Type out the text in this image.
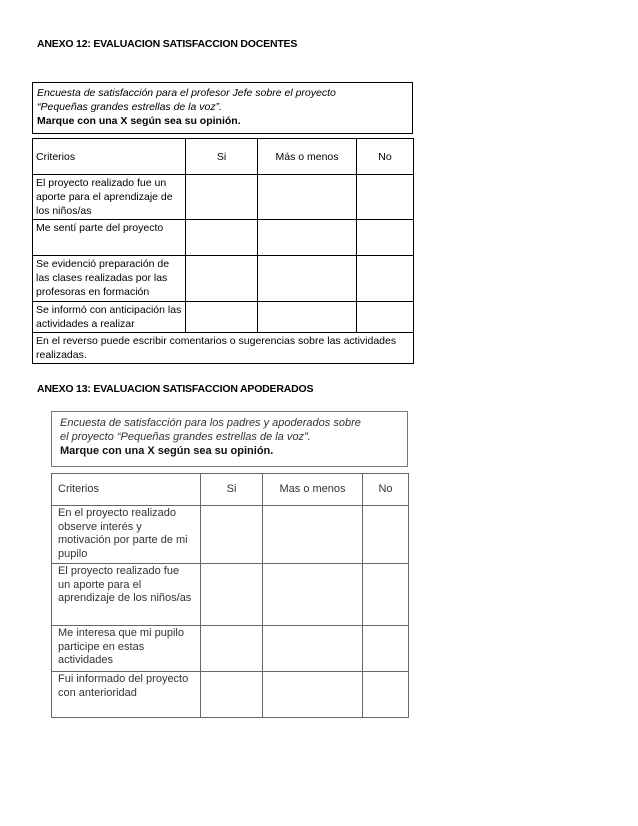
ANEXO 12: EVALUACION SATISFACCION DOCENTES
Encuesta de satisfacción para el profesor Jefe sobre el proyecto
“Pequeñas grandes estrellas de la voz”.
Marque con una X según sea su opinión.
Criterios	Si	Más o menos	No
El proyecto realizado fue un aporte para el aprendizaje de los niños/as			
Me sentí parte del proyecto			
Se evidenció preparación de las clases realizadas por las profesoras en formación			
Se informó con anticipación las actividades a realizar			
En el reverso puede escribir comentarios o sugerencias sobre las actividades realizadas.			
ANEXO 13: EVALUACION SATISFACCION APODERADOS
Encuesta de satisfacción para los padres y apoderados sobre
el proyecto “Pequeñas grandes estrellas de la voz”.
Marque con una X según sea su opinión.
Criterios	Si	Mas o menos	No
En el proyecto realizado observe interés y motivación por parte de mi pupilo			
El proyecto realizado fue un aporte para el aprendizaje de los niños/as			
Me interesa que mi pupilo participe en estas actividades			
Fui informado del proyecto con anterioridad			
